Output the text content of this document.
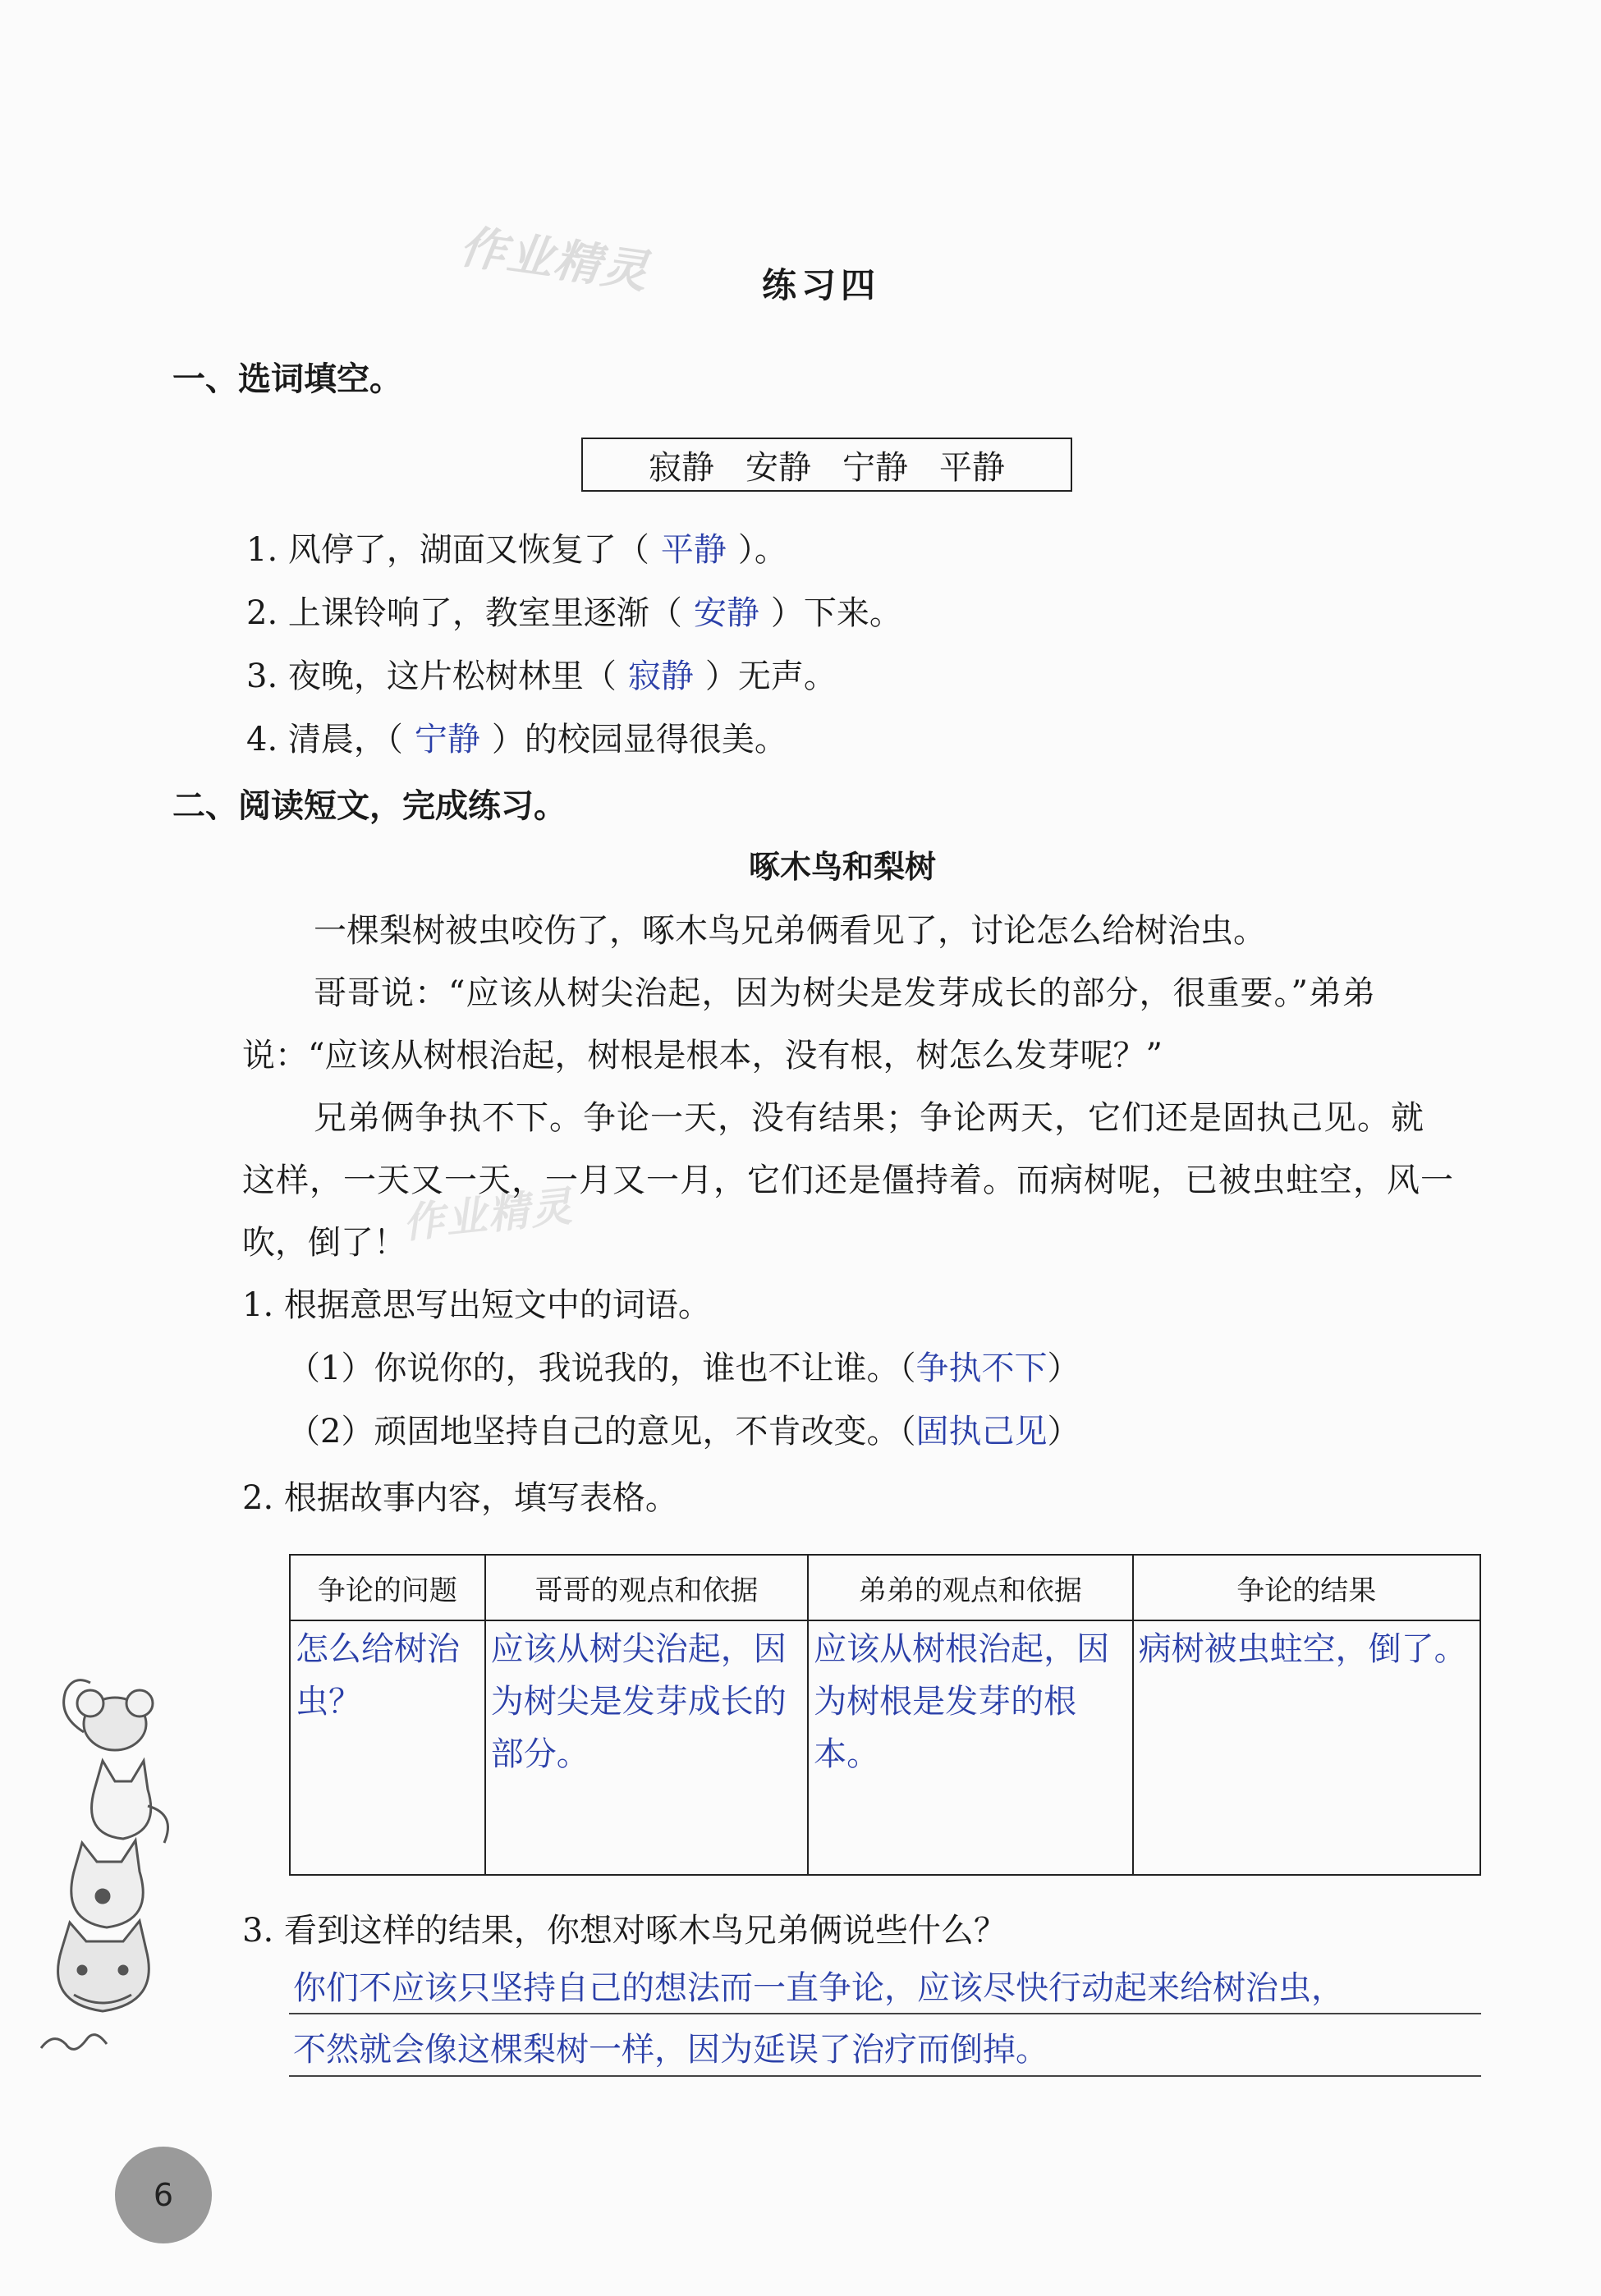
作业精灵
作业精灵
练习四
一、选词填空。
寂静 安静 宁静 平静
1. 风停了，湖面又恢复了（ 平静 ）。
2. 上课铃响了，教室里逐渐（ 安静 ）下来。
3. 夜晚，这片松树林里（ 寂静 ）无声。
4. 清晨，（ 宁静 ）的校园显得很美。
二、阅读短文，完成练习。
啄木鸟和梨树
一棵梨树被虫咬伤了，啄木鸟兄弟俩看见了，讨论怎么给树治虫。
哥哥说：“应该从树尖治起，因为树尖是发芽成长的部分，很重要。”弟弟
说：“应该从树根治起，树根是根本，没有根，树怎么发芽呢？”
兄弟俩争执不下。争论一天，没有结果；争论两天，它们还是固执己见。就
这样，一天又一天，一月又一月，它们还是僵持着。而病树呢，已被虫蛀空，风一
吹，倒了！
1. 根据意思写出短文中的词语。
（1）你说你的，我说我的，谁也不让谁。（争执不下）
（2）顽固地坚持自己的意见，不肯改变。（固执己见）
2. 根据故事内容，填写表格。
争论的问题	哥哥的观点和依据	弟弟的观点和依据	争论的结果
怎么给树治虫？	应该从树尖治起，因为树尖是发芽成长的部分。	应该从树根治起，因为树根是发芽的根本。	病树被虫蛀空，倒了。
3. 看到这样的结果，你想对啄木鸟兄弟俩说些什么？
你们不应该只坚持自己的想法而一直争论，应该尽快行动起来给树治虫，
不然就会像这棵梨树一样，因为延误了治疗而倒掉。
6
